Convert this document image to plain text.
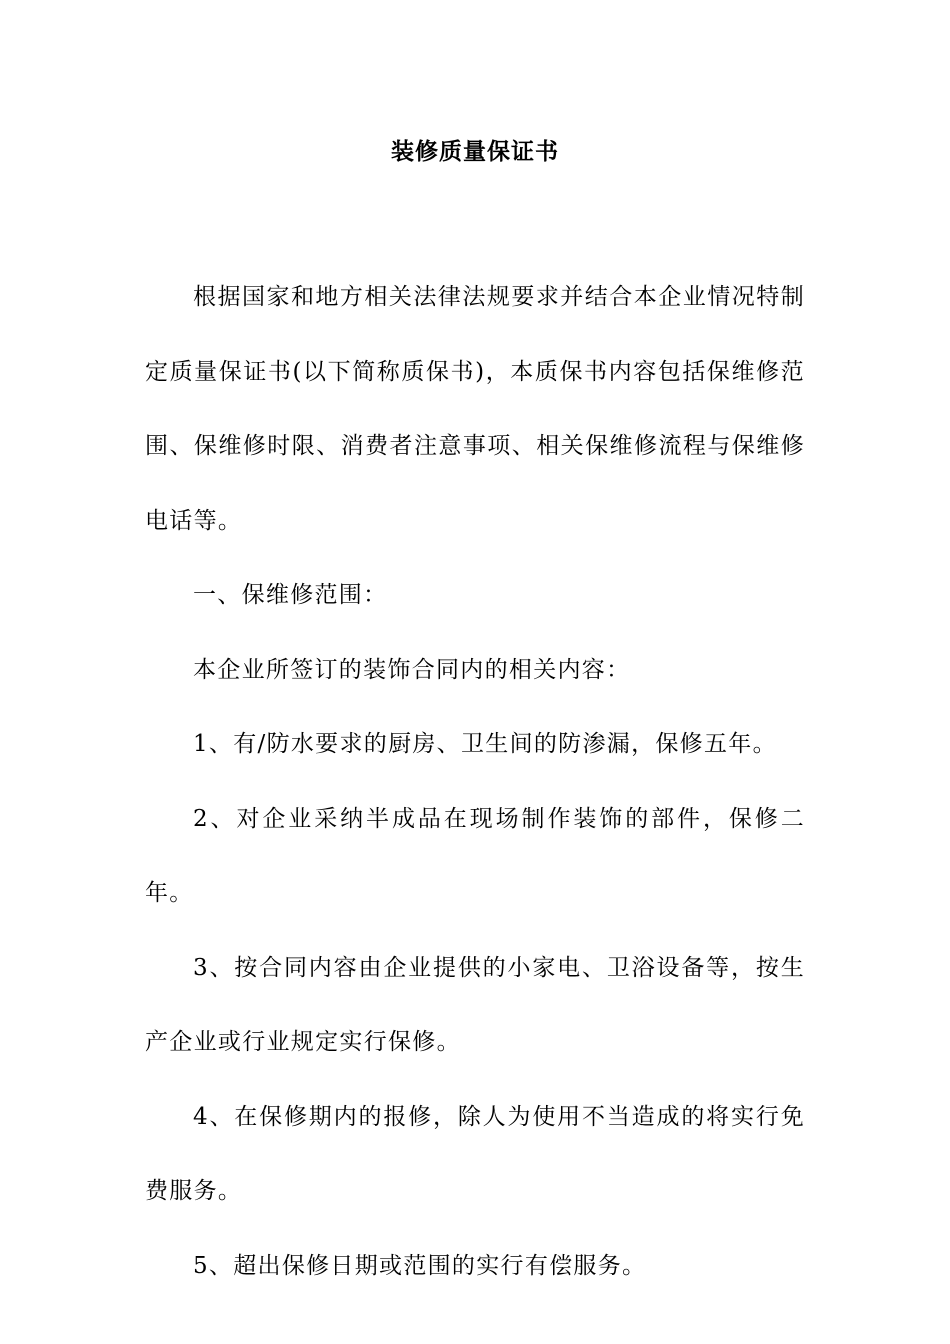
装修质量保证书

根据国家和地方相关法律法规要求并结合本企业情况特制定质量保证书(以下简称质保书)，本质保书内容包括保维修范围、保维修时限、消费者注意事项、相关保维修流程与保维修电话等。

一、保维修范围：

本企业所签订的装饰合同内的相关内容：

1、有/防水要求的厨房、卫生间的防渗漏，保修五年。

2、对企业采纳半成品在现场制作装饰的部件，保修二年。

3、按合同内容由企业提供的小家电、卫浴设备等，按生产企业或行业规定实行保修。

4、在保修期内的报修，除人为使用不当造成的将实行免费服务。

5、超出保修日期或范围的实行有偿服务。
